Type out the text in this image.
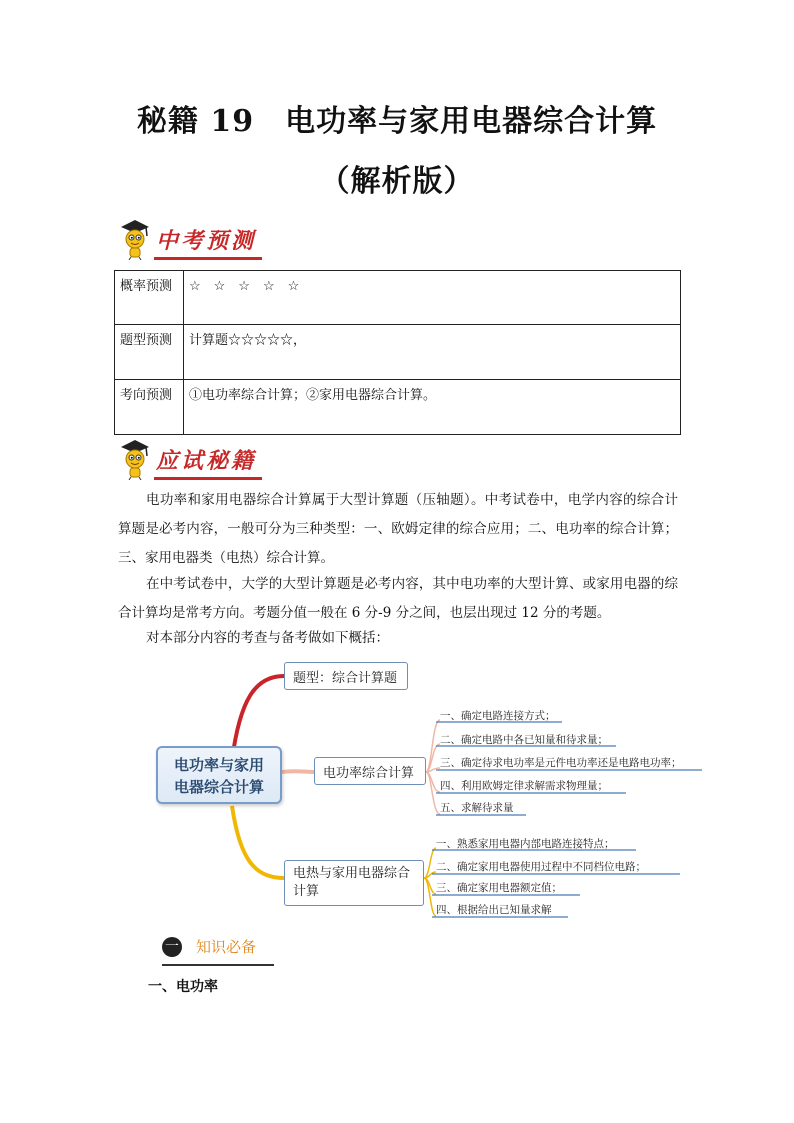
秘籍 19　电功率与家用电器综合计算
（解析版）
中考预测
概率预测	☆　☆　☆　☆　☆
题型预测	计算题☆☆☆☆☆，
考向预测	①电功率综合计算；②家用电器综合计算。
应试秘籍
电功率和家用电器综合计算属于大型计算题（压轴题）。中考试卷中，电学内容的综合计算题是必考内容，一般可分为三种类型：一、欧姆定律的综合应用；二、电功率的综合计算；三、家用电器类（电热）综合计算。
在中考试卷中，大学的大型计算题是必考内容，其中电功率的大型计算、或家用电器的综合计算均是常考方向。考题分值一般在 6 分-9 分之间，也层出现过 12 分的考题。
对本部分内容的考查与备考做如下概括：
电功率与家用
电器综合计算
题型：综合计算题
电功率综合计算
电热与家用电器综合
计算
一、确定电路连接方式；
二、确定电路中各已知量和待求量；
三、确定待求电功率是元件电功率还是电路电功率；
四、利用欧姆定律求解需求物理量；
五、求解待求量
一、熟悉家用电器内部电路连接特点；
二、确定家用电器使用过程中不同档位电路；
三、确定家用电器额定值；
四、根据给出已知量求解
一 知识必备
一、电功率
